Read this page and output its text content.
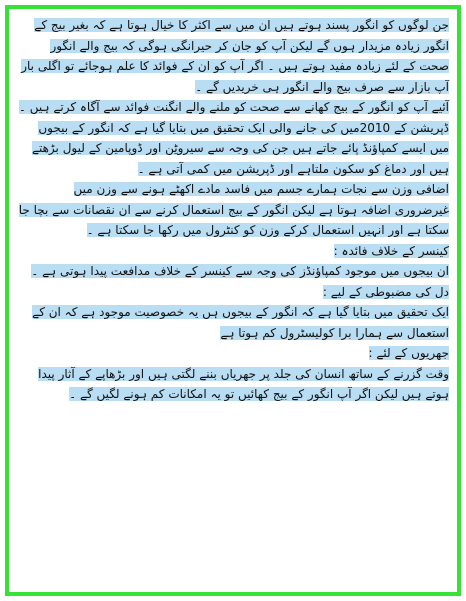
جن لوگوں کو انگور پسند ہوتے ہیں ان میں سے اکثر کا خیال ہوتا ہے کہ بغیر بیج کے انگور زیادہ مزیدار ہوں گے لیکن آپ کو جان کر حیرانگی ہوگی کہ بیج والے انگور صحت کے لئے زیادہ مفید ہوتے ہیں ۔ اگر آپ کو ان کے فوائد کا علم ہوجائے تو اگلی بار آپ بازار سے صرف بیج والے انگور ہی خریدیں گے ۔

آئیے آپ کو انگور کے بیج کھانے سے صحت کو ملنے والے انگنت فوائد سے آگاہ کرتے ہیں ۔

ڈپریشن کے 2010میں کی جانے والی ایک تحقیق میں بتایا گیا ہے کہ انگور کے بیجوں میں ایسے کمپاؤنڈ پائے جاتے ہیں جن کی وجہ سے سیروٹِن اور ڈوپامین کے لیول بڑھتے ہیں اور دماغ کو سکون ملتاہے اور ڈپریشن میں کمی آتی ہے ۔

اضافی وزن سے نجات ہمارے جسم میں فاسد مادے اکھٹے ہونے سے وزن میں غیرضروری اضافہ ہوتا ہے لیکن انگور کے بیج استعمال کرنے سے ان نقصانات سے بچا جا سکتا ہے اور انہیں استعمال کرکے وزن کو کنٹرول میں رکھا جا سکتا ہے ۔

کینسر کے خلاف فائدہ :

ان بیجوں میں موجود کمپاؤنڈز کی وجہ سے کینسر کے خلاف مدافعت پیدا ہوتی ہے ۔

دل کی مضبوطی کے لیے :

ایک تحقیق میں بتایا گیا ہے کہ انگور کے بیجوں ہں یہ خصوصیت موجود ہے کہ ان کے استعمال سے ہمارا برا کولیسٹرول کم ہوتا ہے

جھریوں کے لئے :

وقت گزرنے کے ساتھ انسان کی جلد پر جھریاں بننے لگتی ہیں اور بڑھاپے کے آثار پیدا ہوتے ہیں لیکن اگر آپ انگور کے بیج کھائیں تو یہ امکانات کم ہونے لگیں گے ۔
